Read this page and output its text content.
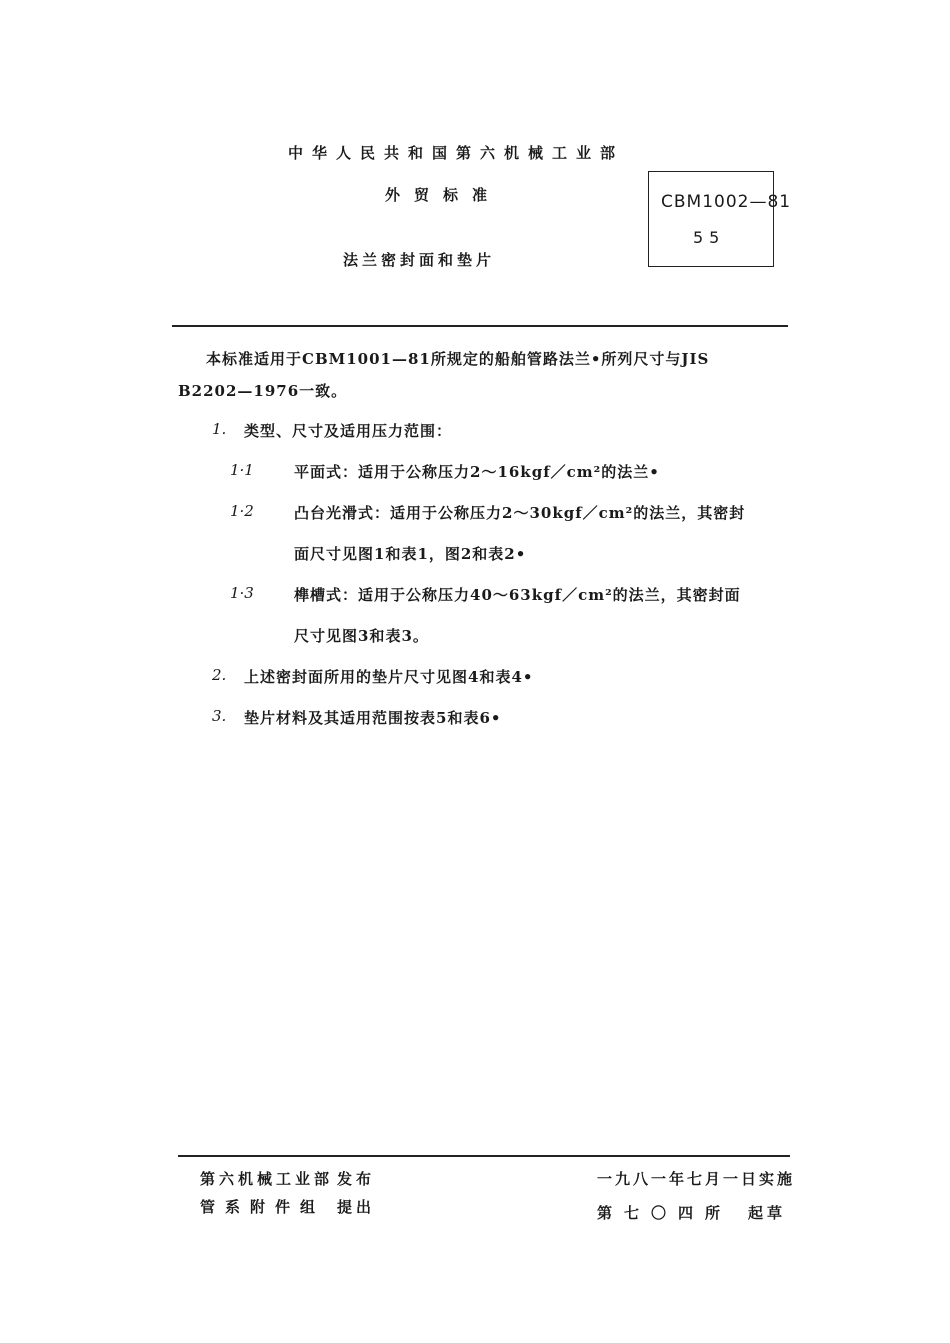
中华人民共和国第六机械工业部
外贸标准
法兰密封面和垫片
CBM1002—81
55
本标准适用于CBM1001—81所规定的船舶管路法兰•所列尺寸与JIS
B2202—1976一致。
1. 类型、尺寸及适用压力范围：
1·1	平面式：适用于公称压力2～16kgf／cm²的法兰•
1·2	凸台光滑式：适用于公称压力2～30kgf／cm²的法兰，其密封
面尺寸见图1和表1，图2和表2•
1·3	榫槽式：适用于公称压力40～63kgf／cm²的法兰，其密封面
尺寸见图3和表3。
2. 上述密封面所用的垫片尺寸见图4和表4•
3. 垫片材料及其适用范围按表5和表6•
第六机械工业部 发布
管系附件组 提出
一九八一年七月一日实施
第七〇四所 起草
